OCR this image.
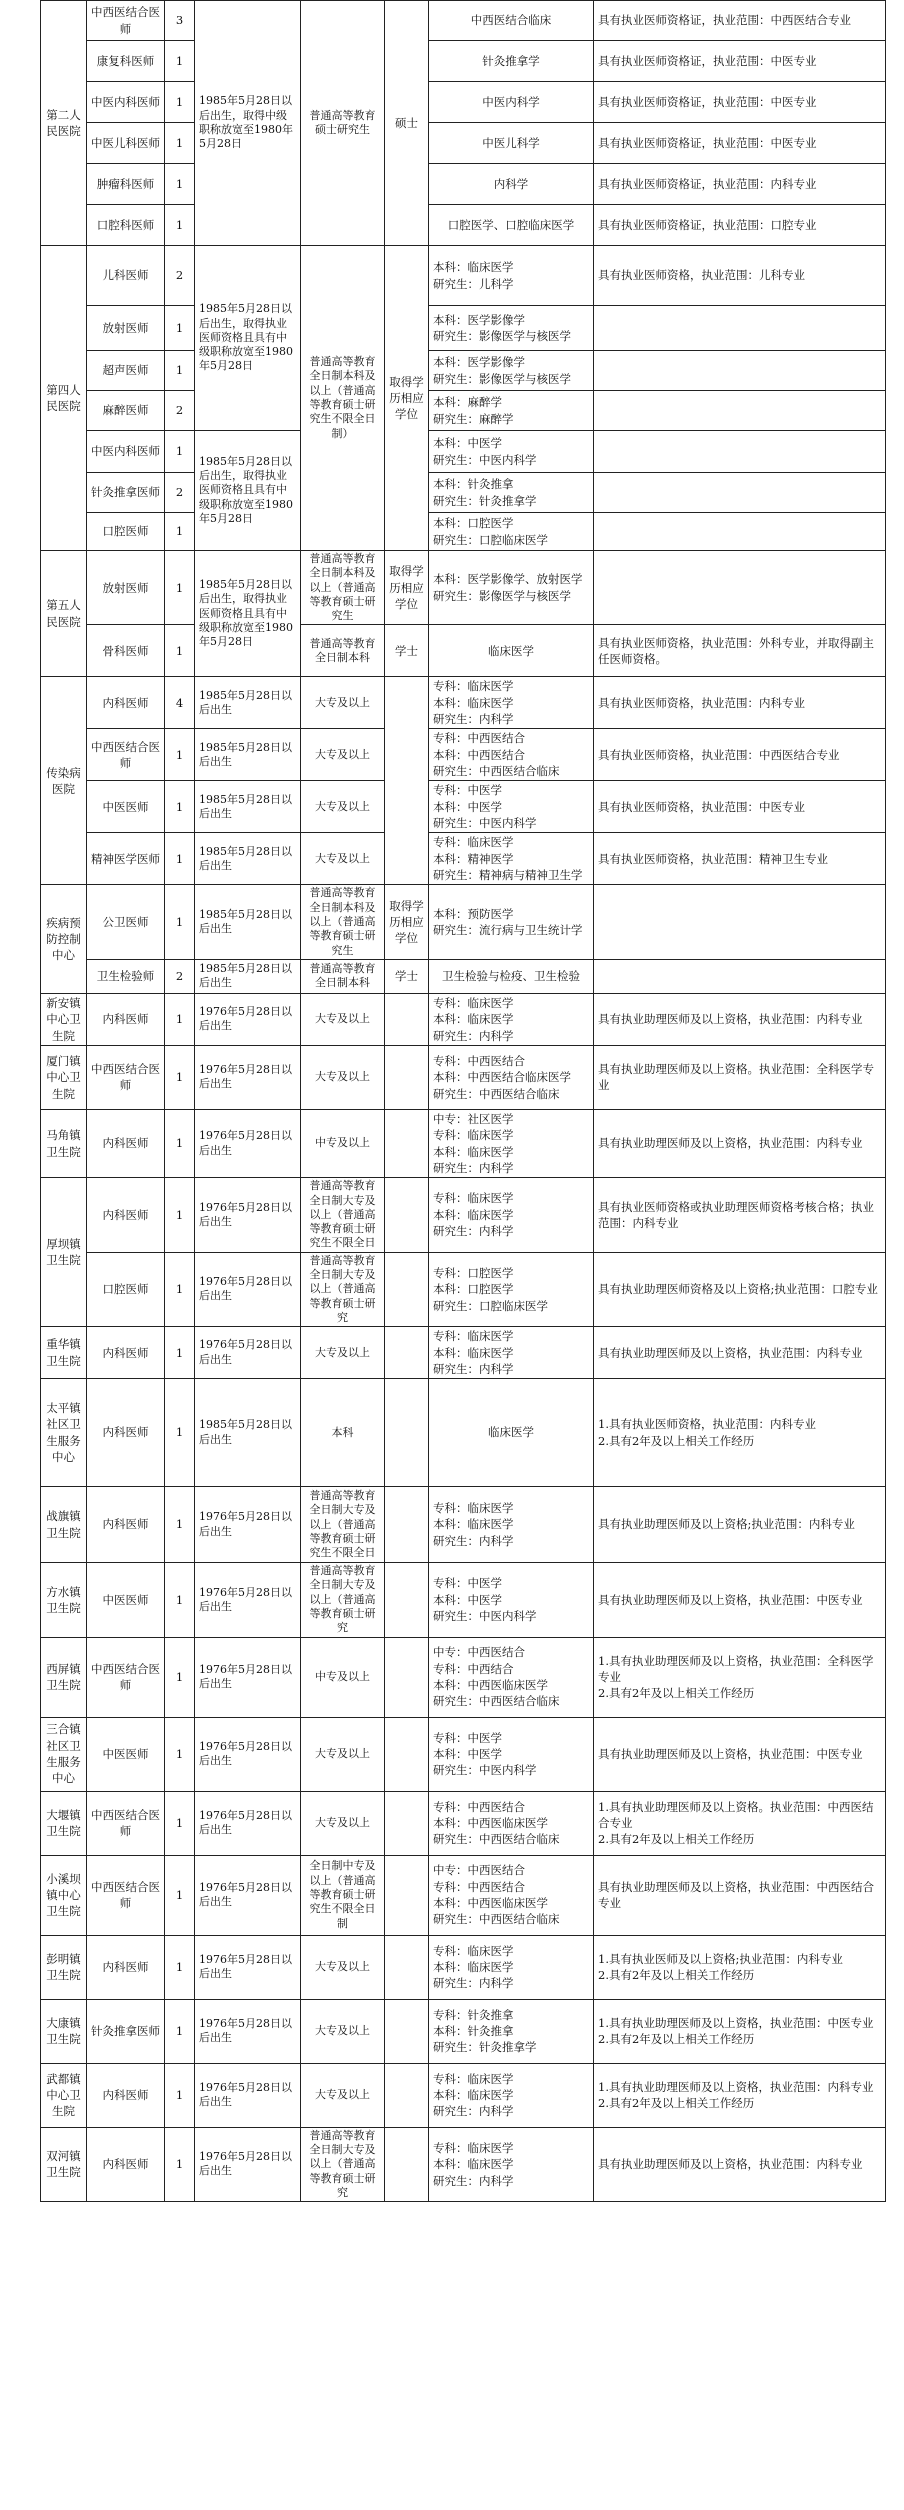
第二人民医院	中西医结合医师	3	1985年5月28日以后出生，取得中级职称放宽至1980年5月28日	普通高等教育硕士研究生	硕士	中西医结合临床	具有执业医师资格证，执业范围：中西医结合专业
	康复科医师	1				针灸推拿学	具有执业医师资格证，执业范围：中医专业
	中医内科医师	1				中医内科学	具有执业医师资格证，执业范围：中医专业
	中医儿科医师	1				中医儿科学	具有执业医师资格证，执业范围：中医专业
	肿瘤科医师	1				内科学	具有执业医师资格证，执业范围：内科专业
	口腔科医师	1				口腔医学、口腔临床医学	具有执业医师资格证，执业范围：口腔专业
第四人民医院	儿科医师	2	1985年5月28日以后出生，取得执业医师资格且具有中级职称放宽至1980年5月28日	普通高等教育全日制本科及以上（普通高等教育硕士研究生不限全日制）	取得学历相应学位	本科：临床医学
研究生：儿科学	具有执业医师资格，执业范围：儿科专业
	放射医师	1				本科：医学影像学
研究生：影像医学与核医学	
	超声医师	1				本科：医学影像学
研究生：影像医学与核医学	
	麻醉医师	2				本科：麻醉学
研究生：麻醉学	
	中医内科医师	1	1985年5月28日以后出生，取得执业医师资格且具有中级职称放宽至1980年5月28日			本科：中医学
研究生：中医内科学	
	针灸推拿医师	2				本科：针灸推拿
研究生：针灸推拿学	
	口腔医师	1				本科：口腔医学
研究生：口腔临床医学	
第五人民医院	放射医师	1	1985年5月28日以后出生，取得执业医师资格且具有中级职称放宽至1980年5月28日	普通高等教育全日制本科及以上（普通高等教育硕士研究生	取得学历相应学位	本科：医学影像学、放射医学
研究生：影像医学与核医学	
	骨科医师	1		普通高等教育全日制本科	学士	临床医学	具有执业医师资格，执业范围：外科专业，并取得副主任医师资格。
传染病医院	内科医师	4	1985年5月28日以后出生	大专及以上		专科：临床医学
本科：临床医学
研究生：内科学	具有执业医师资格，执业范围：内科专业
	中西医结合医师	1	1985年5月28日以后出生	大专及以上		专科：中西医结合
本科：中西医结合
研究生：中西医结合临床	具有执业医师资格，执业范围：中西医结合专业
	中医医师	1	1985年5月28日以后出生	大专及以上		专科：中医学
本科：中医学
研究生：中医内科学	具有执业医师资格，执业范围：中医专业
	精神医学医师	1	1985年5月28日以后出生	大专及以上		专科：临床医学
本科：精神医学
研究生：精神病与精神卫生学	具有执业医师资格，执业范围：精神卫生专业
疾病预防控制中心	公卫医师	1	1985年5月28日以后出生	普通高等教育全日制本科及以上（普通高等教育硕士研究生	取得学历相应学位	本科：预防医学
研究生：流行病与卫生统计学	
	卫生检验师	2	1985年5月28日以后出生	普通高等教育全日制本科	学士	卫生检验与检疫、卫生检验	
新安镇中心卫生院	内科医师	1	1976年5月28日以后出生	大专及以上		专科：临床医学
本科：临床医学
研究生：内科学	具有执业助理医师及以上资格，执业范围：内科专业
厦门镇中心卫生院	中西医结合医师	1	1976年5月28日以后出生	大专及以上		专科：中西医结合
本科：中西医结合临床医学
研究生：中西医结合临床	具有执业助理医师及以上资格。执业范围：全科医学专业
马角镇卫生院	内科医师	1	1976年5月28日以后出生	中专及以上		中专：社区医学
专科：临床医学
本科：临床医学
研究生：内科学	具有执业助理医师及以上资格，执业范围：内科专业
厚坝镇卫生院	内科医师	1	1976年5月28日以后出生	普通高等教育全日制大专及以上（普通高等教育硕士研究生不限全日		专科：临床医学
本科：临床医学
研究生：内科学	具有执业医师资格或执业助理医师资格考核合格；执业范围：内科专业
	口腔医师	1	1976年5月28日以后出生	普通高等教育全日制大专及以上（普通高等教育硕士研究		专科：口腔医学
本科：口腔医学
研究生：口腔临床医学	具有执业助理医师资格及以上资格;执业范围：口腔专业
重华镇卫生院	内科医师	1	1976年5月28日以后出生	大专及以上		专科：临床医学
本科：临床医学
研究生：内科学	具有执业助理医师及以上资格，执业范围：内科专业
太平镇社区卫生服务中心	内科医师	1	1985年5月28日以后出生	本科		临床医学	1.具有执业医师资格，执业范围：内科专业
2.具有2年及以上相关工作经历
战旗镇卫生院	内科医师	1	1976年5月28日以后出生	普通高等教育全日制大专及以上（普通高等教育硕士研究生不限全日		专科：临床医学
本科：临床医学
研究生：内科学	具有执业助理医师及以上资格;执业范围：内科专业
方水镇卫生院	中医医师	1	1976年5月28日以后出生	普通高等教育全日制大专及以上（普通高等教育硕士研究		专科：中医学
本科：中医学
研究生：中医内科学	具有执业助理医师及以上资格，执业范围：中医专业
西屏镇卫生院	中西医结合医师	1	1976年5月28日以后出生	中专及以上		中专：中西医结合
专科：中西结合
本科：中西医临床医学
研究生：中西医结合临床	1.具有执业助理医师及以上资格，执业范围：全科医学专业
2.具有2年及以上相关工作经历
三合镇社区卫生服务中心	中医医师	1	1976年5月28日以后出生	大专及以上		专科：中医学
本科：中医学
研究生：中医内科学	具有执业助理医师及以上资格，执业范围：中医专业
大堰镇卫生院	中西医结合医师	1	1976年5月28日以后出生	大专及以上		专科：中西医结合
本科：中西医临床医学
研究生：中西医结合临床	1.具有执业助理医师及以上资格。执业范围：中西医结合专业
2.具有2年及以上相关工作经历
小溪坝镇中心卫生院	中西医结合医师	1	1976年5月28日以后出生	全日制中专及以上（普通高等教育硕士研究生不限全日制		中专：中西医结合
专科：中西医结合
本科：中西医临床医学
研究生：中西医结合临床	具有执业助理医师及以上资格，执业范围：中西医结合专业
彭明镇卫生院	内科医师	1	1976年5月28日以后出生	大专及以上		专科：临床医学
本科：临床医学
研究生：内科学	1.具有执业医师及以上资格;执业范围：内科专业
2.具有2年及以上相关工作经历
大康镇卫生院	针灸推拿医师	1	1976年5月28日以后出生	大专及以上		专科：针灸推拿
本科：针灸推拿
研究生：针灸推拿学	1.具有执业助理医师及以上资格，执业范围：中医专业
2.具有2年及以上相关工作经历
武都镇中心卫生院	内科医师	1	1976年5月28日以后出生	大专及以上		专科：临床医学
本科：临床医学
研究生：内科学	1.具有执业助理医师及以上资格，执业范围：内科专业
2.具有2年及以上相关工作经历
双河镇卫生院	内科医师	1	1976年5月28日以后出生	普通高等教育全日制大专及以上（普通高等教育硕士研究		专科：临床医学
本科：临床医学
研究生：内科学	具有执业助理医师及以上资格，执业范围：内科专业
